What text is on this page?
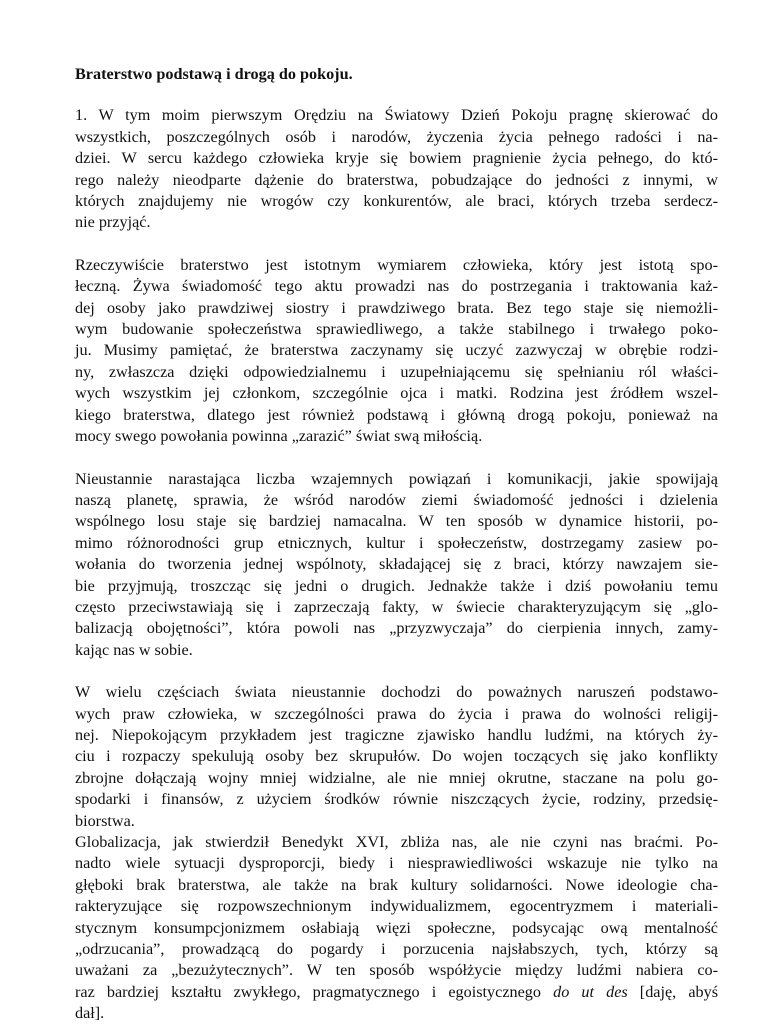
Braterstwo podstawą i drogą do pokoju.
1. W tym moim pierwszym Orędziu na Światowy Dzień Pokoju pragnę skierować do
wszystkich, poszczególnych osób i narodów, życzenia życia pełnego radości i na-
dziei. W sercu każdego człowieka kryje się bowiem pragnienie życia pełnego, do któ-
rego należy nieodparte dążenie do braterstwa, pobudzające do jedności z innymi, w
których znajdujemy nie wrogów czy konkurentów, ale braci, których trzeba serdecz-
nie przyjąć.
Rzeczywiście braterstwo jest istotnym wymiarem człowieka, który jest istotą spo-
łeczną. Żywa świadomość tego aktu prowadzi nas do postrzegania i traktowania każ-
dej osoby jako prawdziwej siostry i prawdziwego brata. Bez tego staje się niemożli-
wym budowanie społeczeństwa sprawiedliwego, a także stabilnego i trwałego poko-
ju. Musimy pamiętać, że braterstwa zaczynamy się uczyć zazwyczaj w obrębie rodzi-
ny, zwłaszcza dzięki odpowiedzialnemu i uzupełniającemu się spełnianiu ról właści-
wych wszystkim jej członkom, szczególnie ojca i matki. Rodzina jest źródłem wszel-
kiego braterstwa, dlatego jest również podstawą i główną drogą pokoju, ponieważ na
mocy swego powołania powinna „zarazić” świat swą miłością.
Nieustannie narastająca liczba wzajemnych powiązań i komunikacji, jakie spowijają
naszą planetę, sprawia, że wśród narodów ziemi świadomość jedności i dzielenia
wspólnego losu staje się bardziej namacalna. W ten sposób w dynamice historii, po-
mimo różnorodności grup etnicznych, kultur i społeczeństw, dostrzegamy zasiew po-
wołania do tworzenia jednej wspólnoty, składającej się z braci, którzy nawzajem sie-
bie przyjmują, troszcząc się jedni o drugich. Jednakże także i dziś powołaniu temu
często przeciwstawiają się i zaprzeczają fakty, w świecie charakteryzującym się „glo-
balizacją obojętności”, która powoli nas „przyzwyczaja” do cierpienia innych, zamy-
kając nas w sobie.
W wielu częściach świata nieustannie dochodzi do poważnych naruszeń podstawo-
wych praw człowieka, w szczególności prawa do życia i prawa do wolności religij-
nej. Niepokojącym przykładem jest tragiczne zjawisko handlu ludźmi, na których ży-
ciu i rozpaczy spekulują osoby bez skrupułów. Do wojen toczących się jako konflikty
zbrojne dołączają wojny mniej widzialne, ale nie mniej okrutne, staczane na polu go-
spodarki i finansów, z użyciem środków równie niszczących życie, rodziny, przedsię-
biorstwa.
Globalizacja, jak stwierdził Benedykt XVI, zbliża nas, ale nie czyni nas braćmi. Po-
nadto wiele sytuacji dysproporcji, biedy i niesprawiedliwości wskazuje nie tylko na
głęboki brak braterstwa, ale także na brak kultury solidarności. Nowe ideologie cha-
rakteryzujące się rozpowszechnionym indywidualizmem, egocentryzmem i materiali-
stycznym konsumpcjonizmem osłabiają więzi społeczne, podsycając ową mentalność
„odrzucania”, prowadzącą do pogardy i porzucenia najsłabszych, tych, którzy są
uważani za „bezużytecznych”. W ten sposób współżycie między ludźmi nabiera co-
raz bardziej kształtu zwykłego, pragmatycznego i egoistycznego do ut des [daję, abyś
dał].
